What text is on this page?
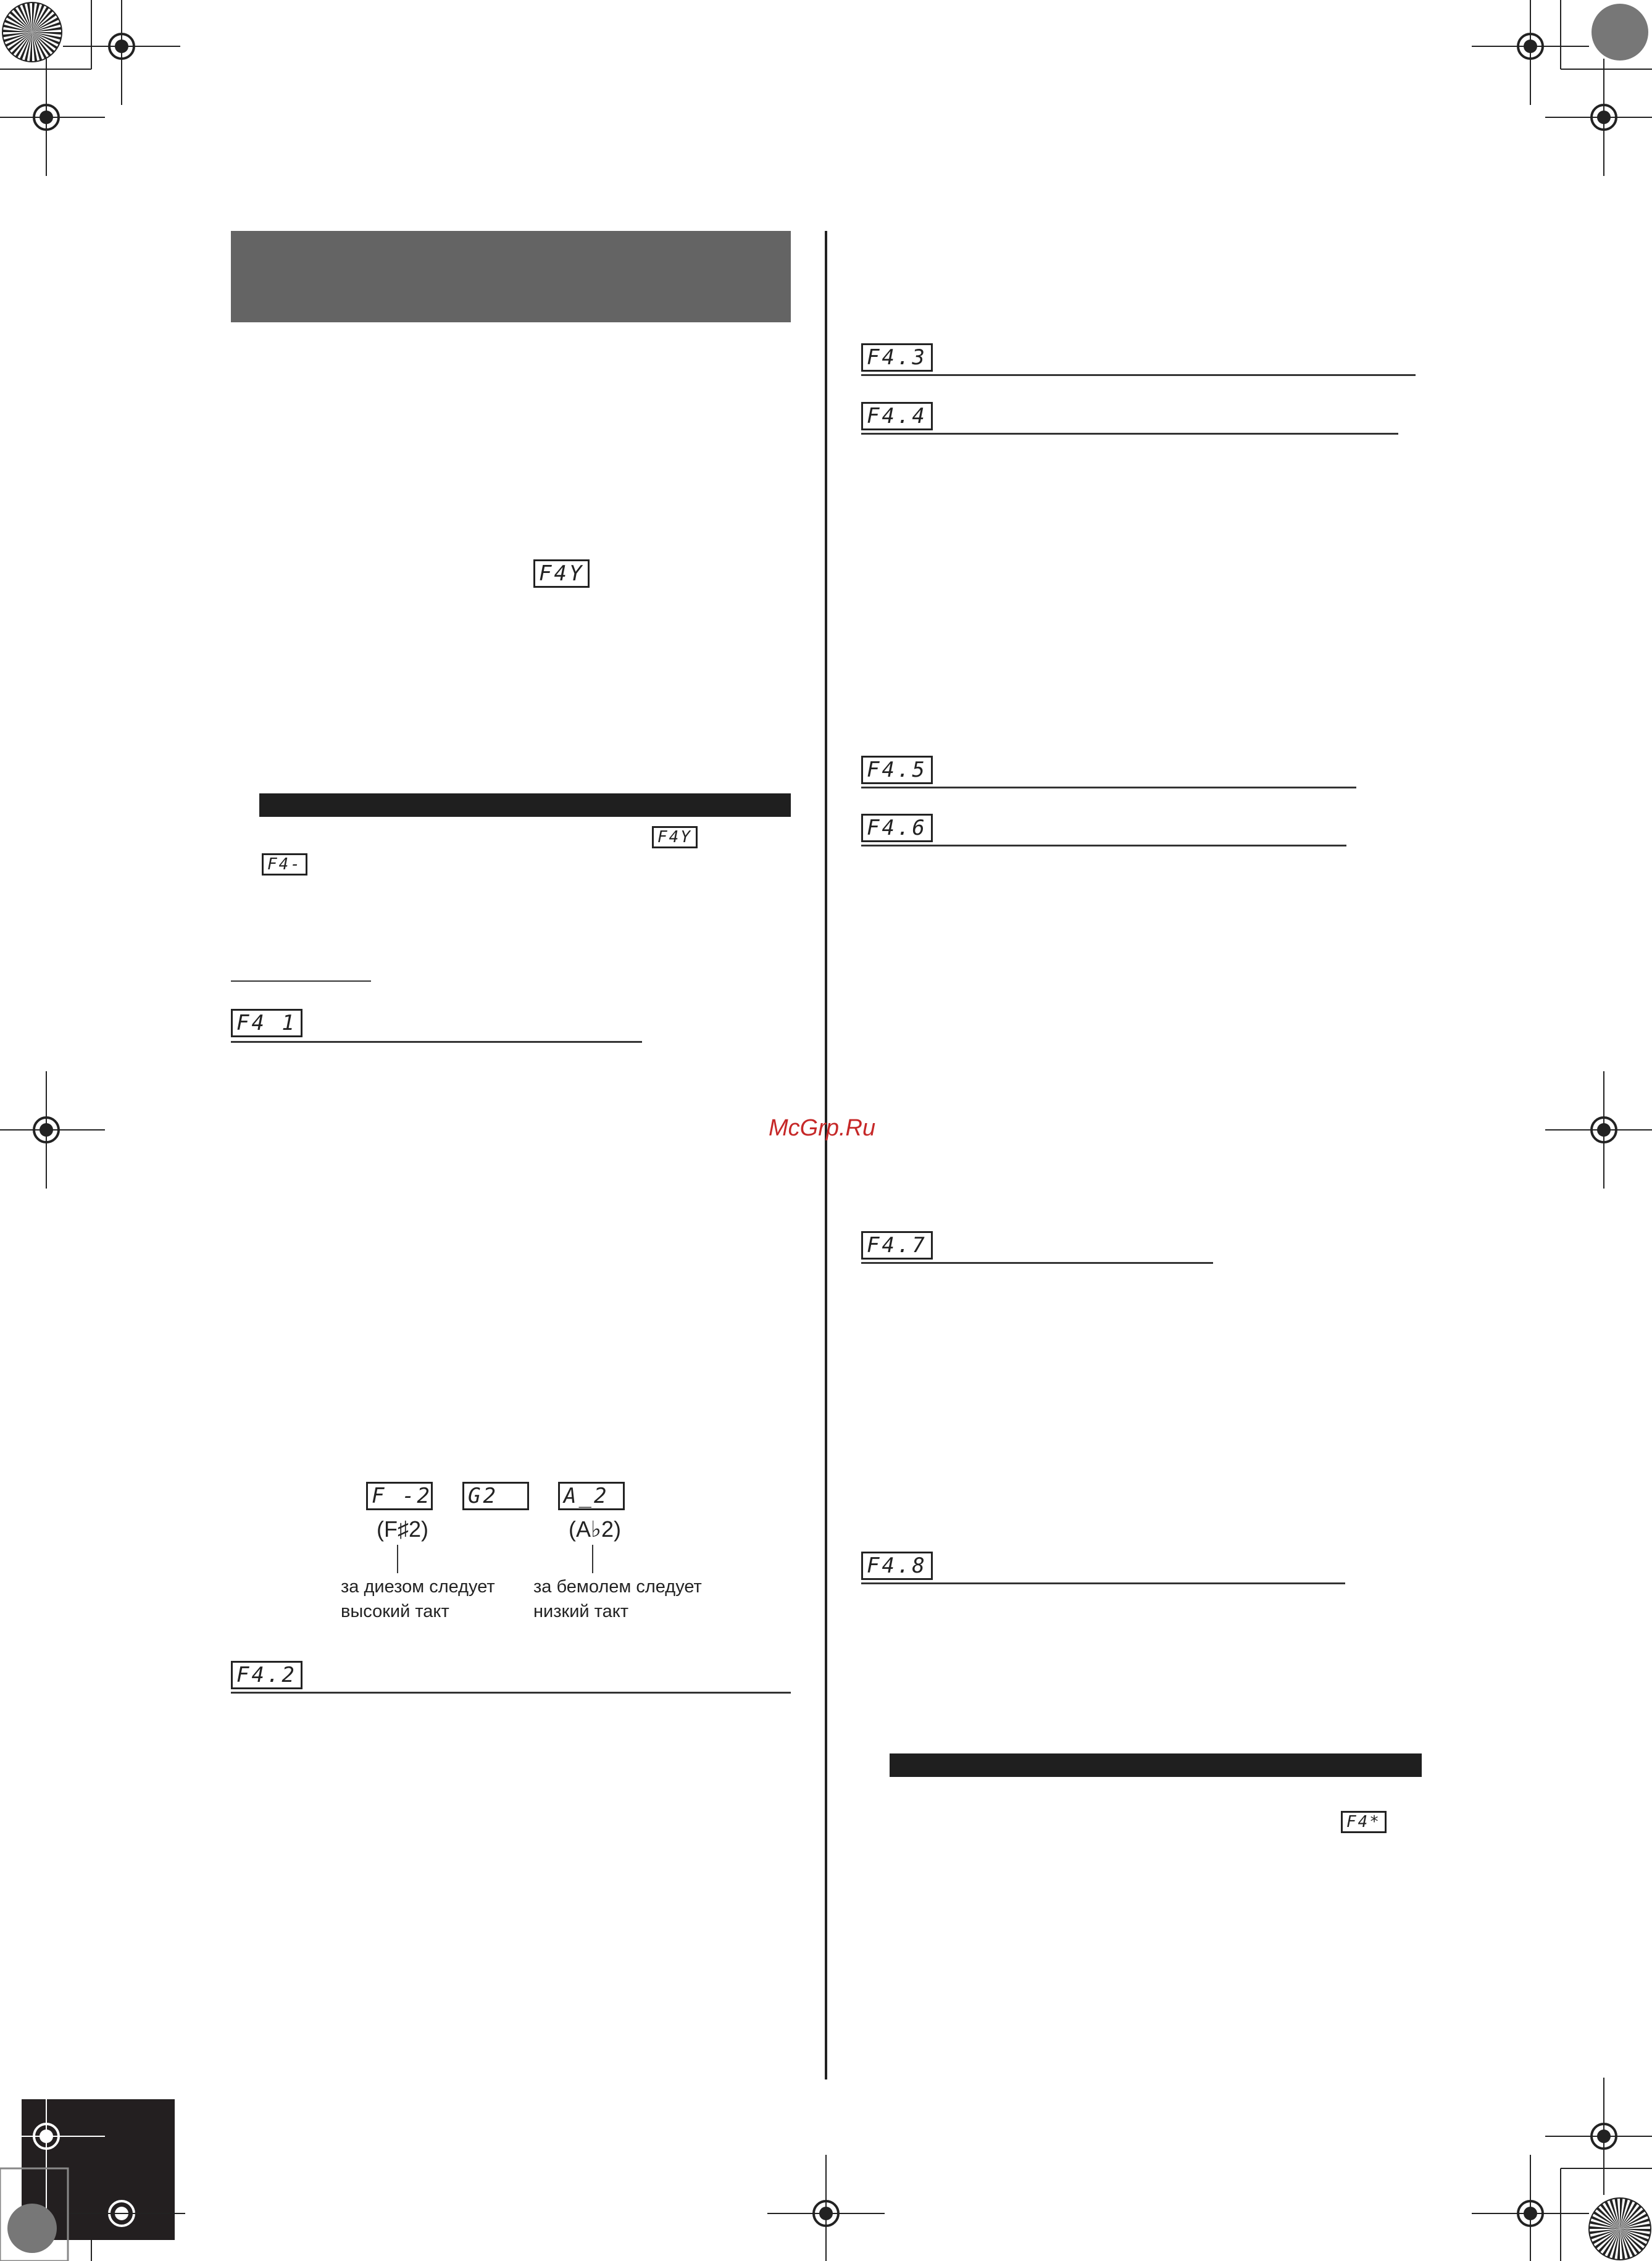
F4Y
F4Y
F4-
F4 1
F -2 G2	A_2
(F♯2)	(A♭2)
за диезом следует
высокий такт
за бемолем следует
низкий такт
F4.2
F4.3
F4.4
F4.5
F4.6
McGrp.Ru
F4.7
F4.8
F4*
